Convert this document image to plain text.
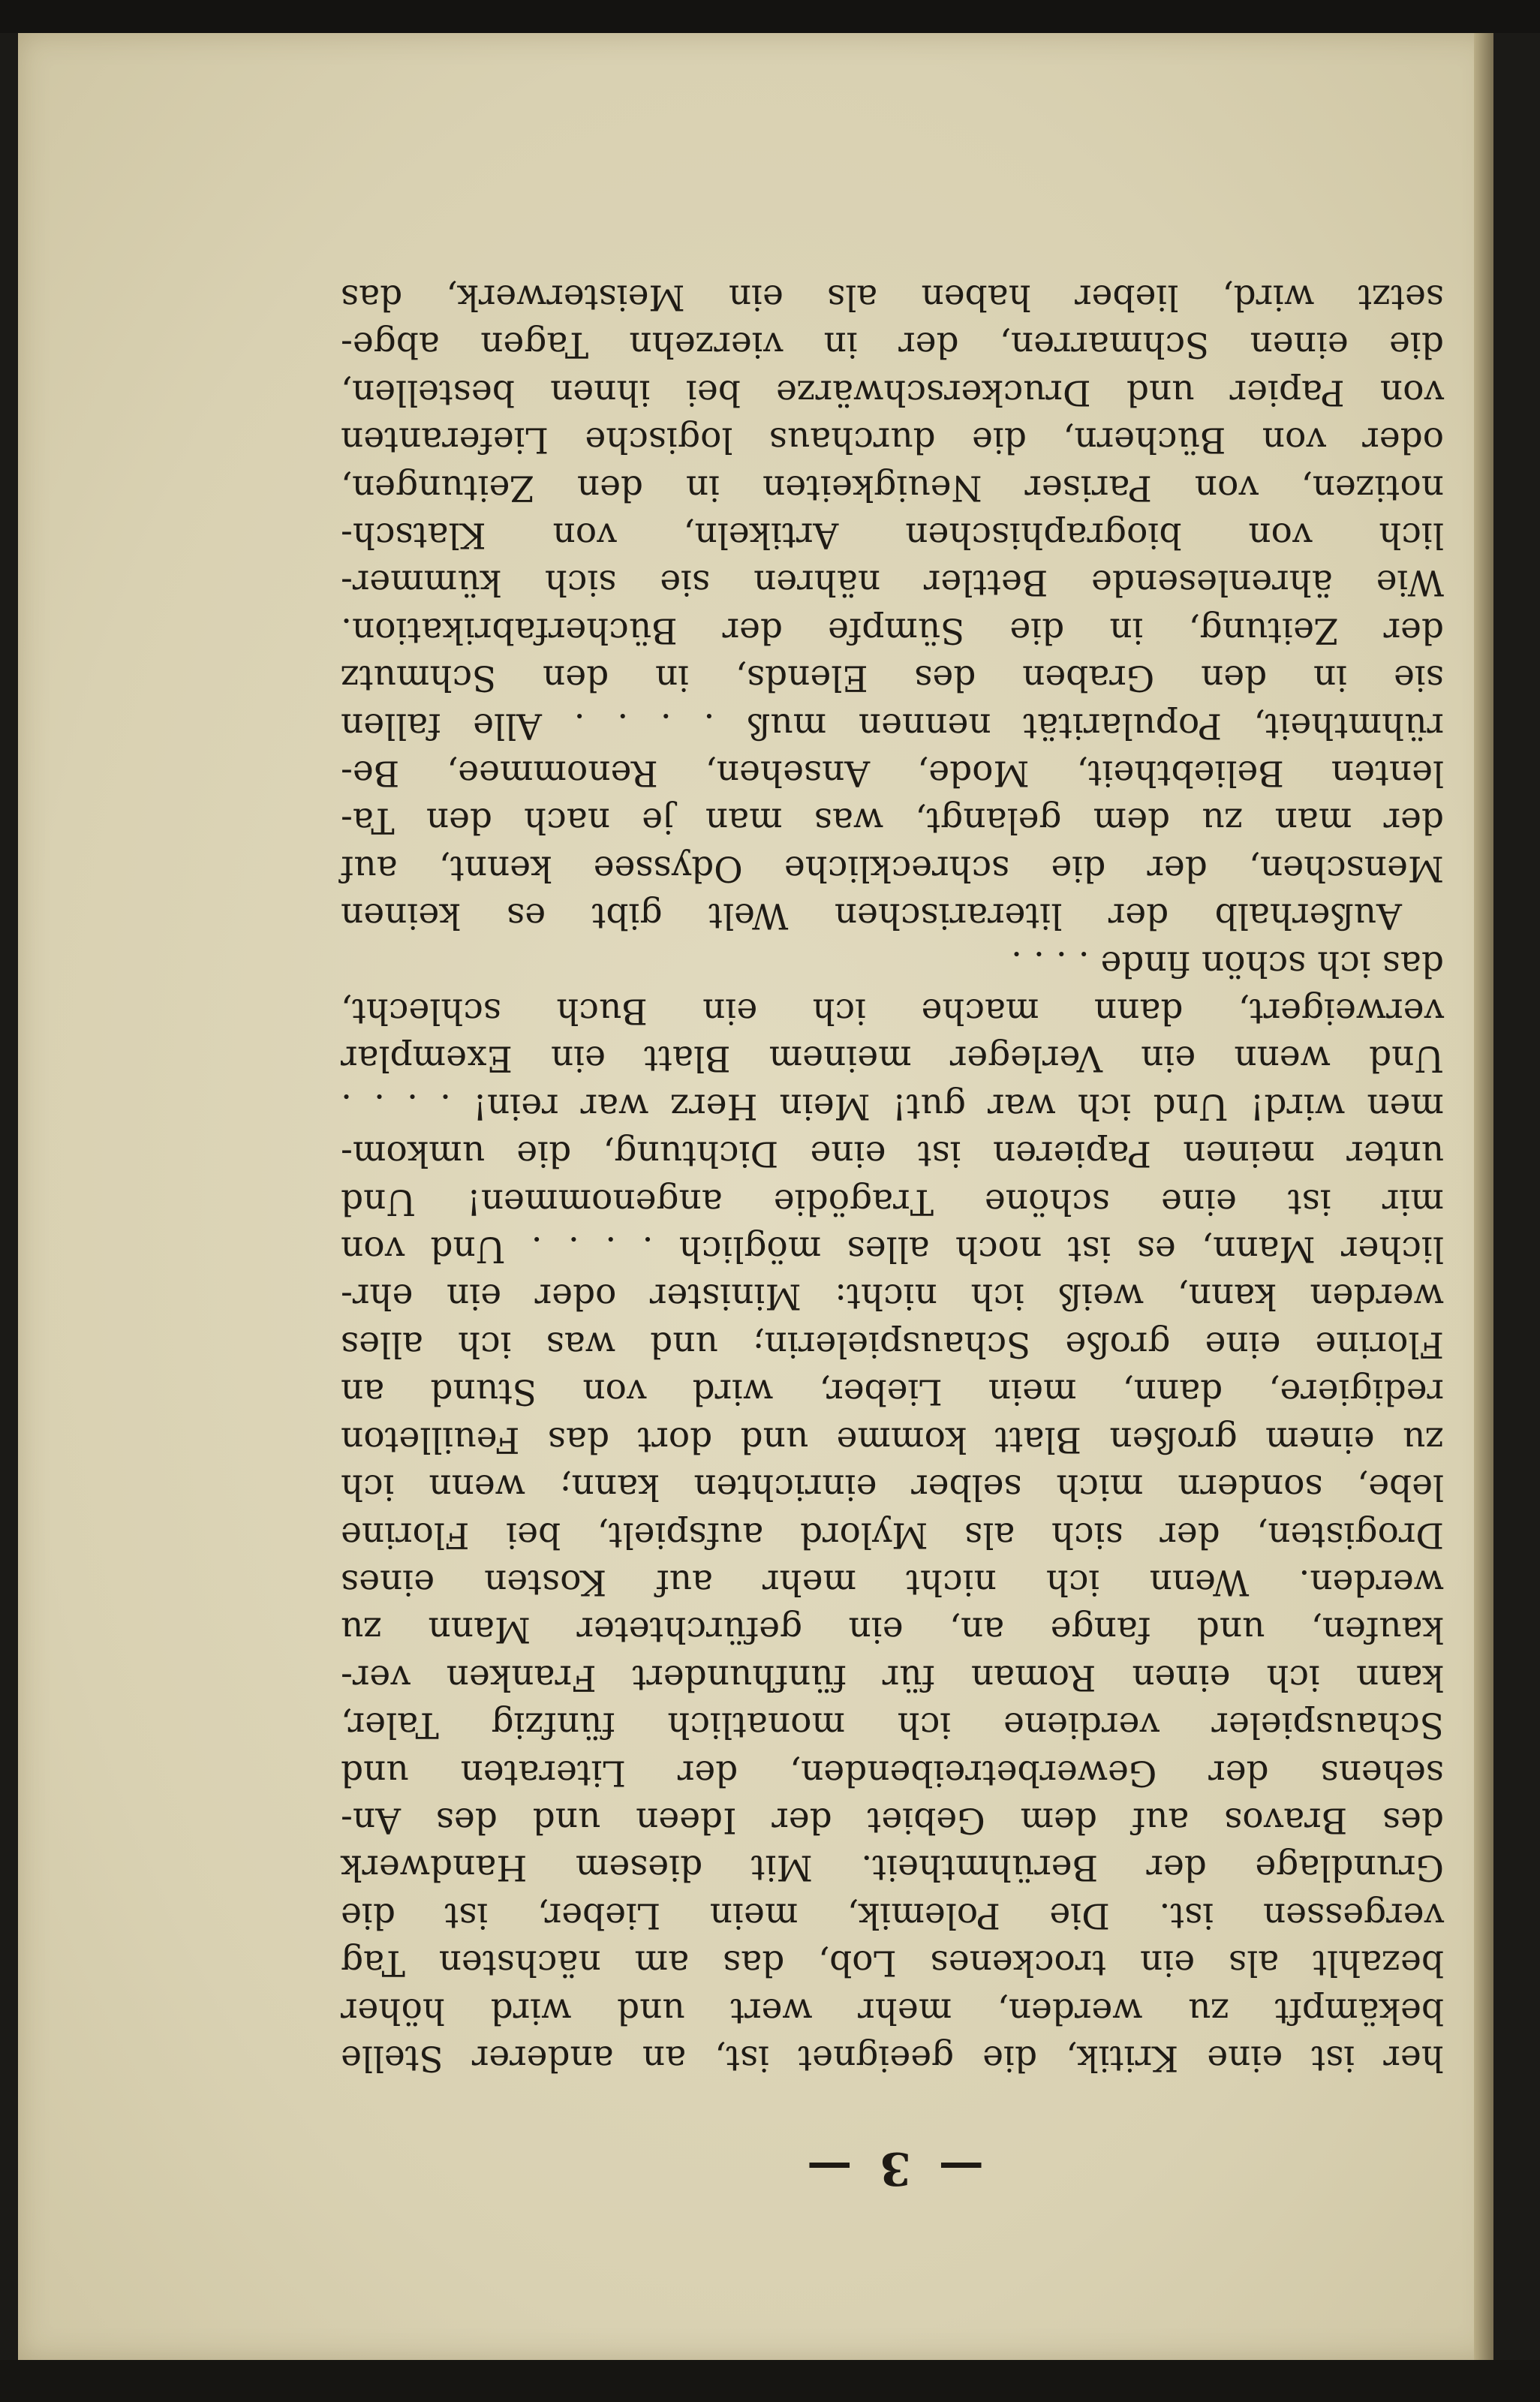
— 3 —
her ist eine Kritik, die geeignet ist, an anderer Stelle
bekämpft zu werden, mehr wert und wird höher
bezahlt als ein trockenes Lob, das am nächsten Tag
vergessen ist. Die Polemik, mein Lieber, ist die
Grundlage der Berühmtheit. Mit diesem Handwerk
des Bravos auf dem Gebiet der Ideen und des An-
sehens der Gewerbetreibenden, der Literaten und
Schauspieler verdiene ich monatlich fünfzig Taler,
kann ich einen Roman für fünfhundert Franken ver-
kaufen, und fange an, ein gefürchteter Mann zu
werden. Wenn ich nicht mehr auf Kosten eines
Drogisten, der sich als Mylord aufspielt, bei Florine
lebe, sondern mich selber einrichten kann; wenn ich
zu einem großen Blatt komme und dort das Feuilleton
redigiere, dann, mein Lieber, wird von Stund an
Florine eine große Schauspielerin; und was ich alles
werden kann, weiß ich nicht: Minister oder ein ehr-
licher Mann, es ist noch alles möglich . . . . Und von
mir ist eine schöne Tragödie angenommen! Und
unter meinen Papieren ist eine Dichtung, die umkom-
men wird! Und ich war gut! Mein Herz war rein! . . . .
Und wenn ein Verleger meinem Blatt ein Exemplar
verweigert, dann mache ich ein Buch schlecht,
das ich schön finde . . . .
Außerhalb der literarischen Welt gibt es keinen
Menschen, der die schreckliche Odyssee kennt, auf
der man zu dem gelangt, was man je nach den Ta-
lenten Beliebtheit, Mode, Ansehen, Renommee, Be-
rühmtheit, Popularität nennen muß . . . . Alle fallen
sie in den Graben des Elends, in den Schmutz
der Zeitung, in die Sümpfe der Bücherfabrikation.
Wie ährenlesende Bettler nähren sie sich kümmer-
lich von biographischen Artikeln, von Klatsch-
notizen, von Pariser Neuigkeiten in den Zeitungen,
oder von Büchern, die durchaus logische Lieferanten
von Papier und Druckerschwärze bei ihnen bestellen,
die einen Schmarren, der in vierzehn Tagen abge-
setzt wird, lieber haben als ein Meisterwerk, das
